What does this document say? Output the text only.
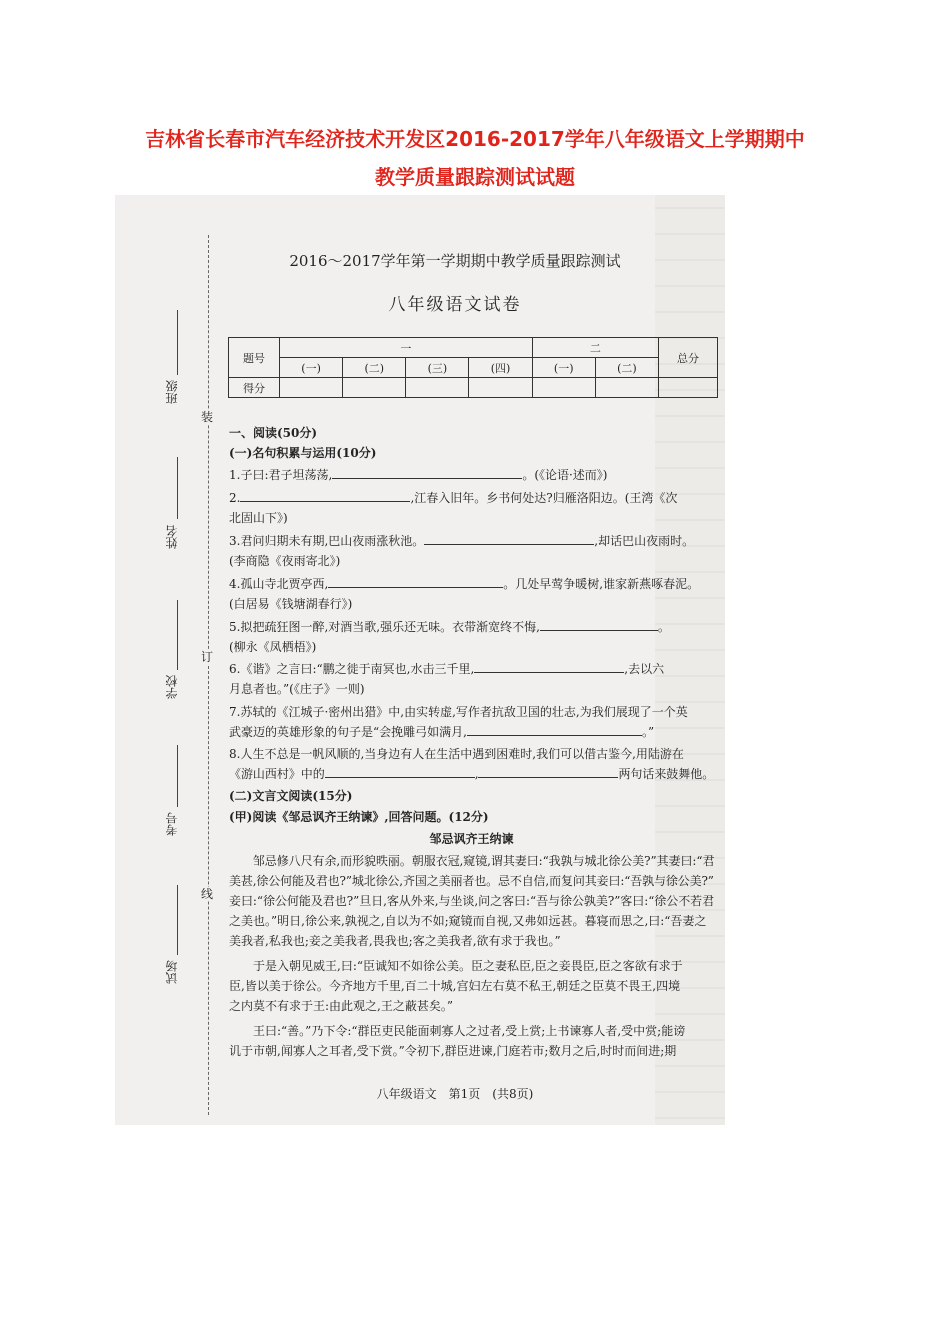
吉林省长春市汽车经济技术开发区2016-2017学年八年级语文上学期期中
教学质量跟踪测试试题
装
订
线
班级
姓名
学校
考号
试场
2016～2017学年第一学期期中教学质量跟踪测试
八年级语文试卷
题号	一				二		总分
	(一)	(二)	(三)	(四)	(一)	(二)	
得分							
一、阅读(50分)
(一)名句积累与运用(10分)
1.子曰:君子坦荡荡,	。(《论语·述而》)
2.	,江春入旧年。乡书何处达?归雁洛阳边。(王湾《次
北固山下》)
3.君问归期未有期,巴山夜雨涨秋池。	,却话巴山夜雨时。
(李商隐《夜雨寄北》)
4.孤山寺北贾亭西,	。几处早莺争暖树,谁家新燕啄春泥。
(白居易《钱塘湖春行》)
5.拟把疏狂图一醉,对酒当歌,强乐还无味。衣带渐宽终不悔,	。
(柳永《凤栖梧》)
6.《谐》之言曰:“鹏之徙于南冥也,水击三千里,	,去以六
月息者也。”(《庄子》一则)
7.苏轼的《江城子·密州出猎》中,由实转虚,写作者抗敌卫国的壮志,为我们展现了一个英
武豪迈的英雄形象的句子是“会挽雕弓如满月,	。”
8.人生不总是一帆风顺的,当身边有人在生活中遇到困难时,我们可以借古鉴今,用陆游在
《游山西村》中的	,	两句话来鼓舞他。
(二)文言文阅读(15分)
(甲)阅读《邹忌讽齐王纳谏》,回答问题。(12分)
邹忌讽齐王纳谏
　　邹忌修八尺有余,而形貌昳丽。朝服衣冠,窥镜,谓其妻曰:“我孰与城北徐公美?”其妻曰:“君
美甚,徐公何能及君也?”城北徐公,齐国之美丽者也。忌不自信,而复问其妾曰:“吾孰与徐公美?”
妾曰:“徐公何能及君也?”旦日,客从外来,与坐谈,问之客曰:“吾与徐公孰美?”客曰:“徐公不若君
之美也。”明日,徐公来,孰视之,自以为不如;窥镜而自视,又弗如远甚。暮寝而思之,曰:“吾妻之
美我者,私我也;妾之美我者,畏我也;客之美我者,欲有求于我也。”
　　于是入朝见威王,曰:“臣诚知不如徐公美。臣之妻私臣,臣之妾畏臣,臣之客欲有求于
臣,皆以美于徐公。今齐地方千里,百二十城,宫妇左右莫不私王,朝廷之臣莫不畏王,四境
之内莫不有求于王:由此观之,王之蔽甚矣。”
　　王曰:“善。”乃下令:“群臣吏民能面刺寡人之过者,受上赏;上书谏寡人者,受中赏;能谤
讥于市朝,闻寡人之耳者,受下赏。”令初下,群臣进谏,门庭若市;数月之后,时时而间进;期
八年级语文　第1页　(共8页)
